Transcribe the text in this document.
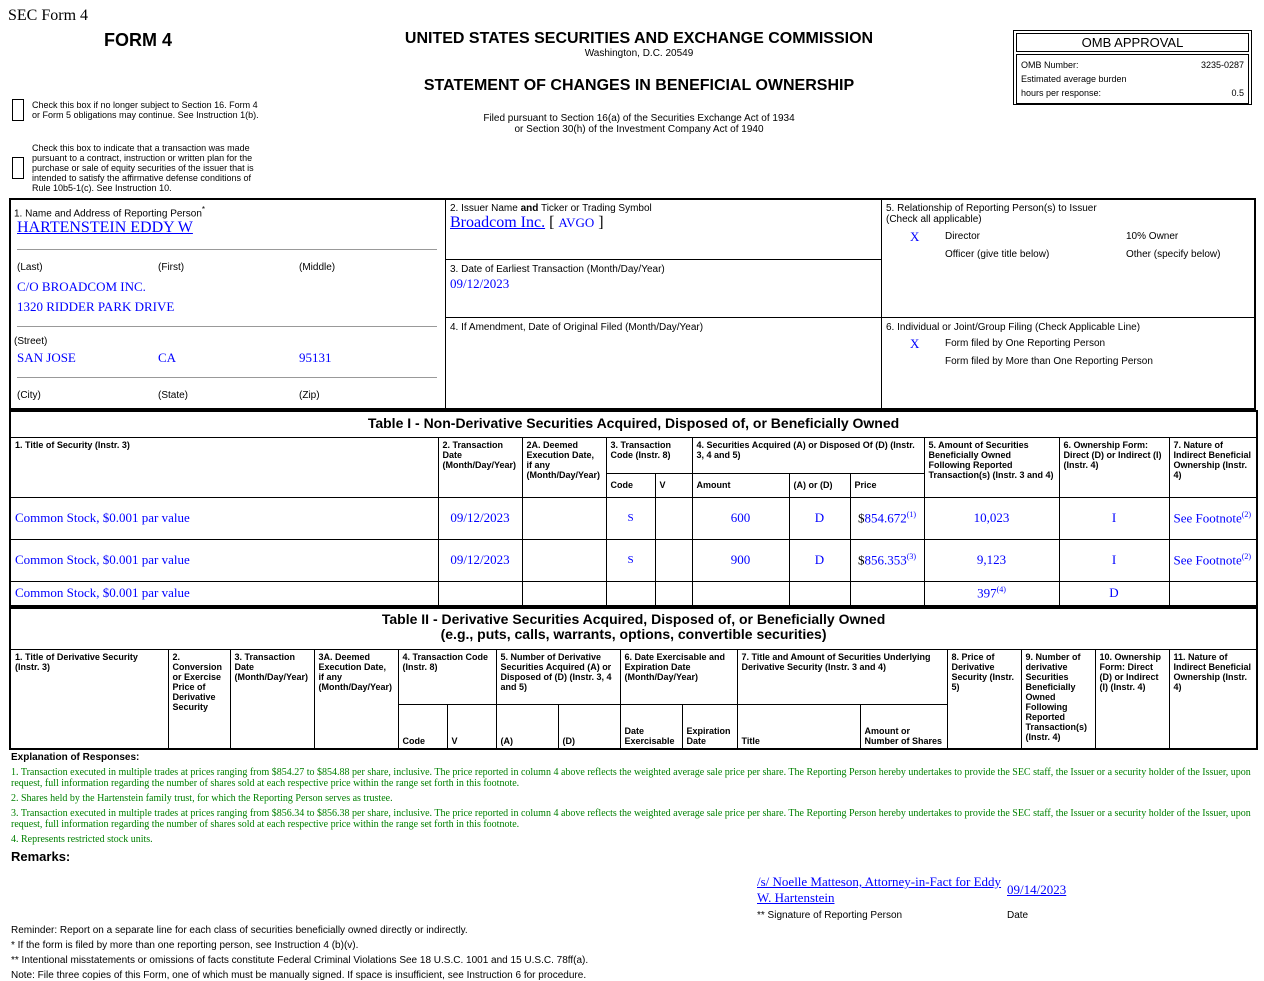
SEC Form 4
FORM 4	UNITED STATES SECURITIES AND EXCHANGE COMMISSION
Washington, D.C. 20549
STATEMENT OF CHANGES IN BENEFICIAL OWNERSHIP
Filed pursuant to Section 16(a) of the Securities Exchange Act of 1934
or Section 30(h) of the Investment Company Act of 1940
OMB APPROVAL
OMB Number:	3235-0287
Estimated average burden
hours per response:	0.5
Check this box if no longer subject to Section 16. Form 4 or Form 5 obligations may continue. See Instruction 1(b).
Check this box to indicate that a transaction was made pursuant to a contract, instruction or written plan for the purchase or sale of equity securities of the issuer that is intended to satisfy the affirmative defense conditions of Rule 10b5-1(c). See Instruction 10.
1. Name and Address of Reporting Person*
HARTENSTEIN EDDY W
(Last)	(First)	(Middle)
C/O BROADCOM INC.
1320 RIDDER PARK DRIVE
(Street)
SAN JOSE	CA	95131
(City)	(State)	(Zip)
2. Issuer Name and Ticker or Trading Symbol
Broadcom Inc. [ AVGO ]
3. Date of Earliest Transaction (Month/Day/Year)
09/12/2023
4. If Amendment, Date of Original Filed (Month/Day/Year)
5. Relationship of Reporting Person(s) to Issuer
(Check all applicable)
X	Director	10% Owner
Officer (give title below)	Other (specify below)
6. Individual or Joint/Group Filing (Check Applicable Line)
X	Form filed by One Reporting Person
Form filed by More than One Reporting Person
Table I - Non-Derivative Securities Acquired, Disposed of, or Beneficially Owned										
1. Title of Security (Instr. 3)	2. Transaction Date (Month/Day/Year)	2A. Deemed Execution Date, if any (Month/Day/Year)	3. Transaction Code (Instr. 8)		4. Securities Acquired (A) or Disposed Of (D) (Instr. 3, 4 and 5)			5. Amount of Securities Beneficially Owned Following Reported Transaction(s) (Instr. 3 and 4)	6. Ownership Form: Direct (D) or Indirect (I) (Instr. 4)	7. Nature of Indirect Beneficial Ownership (Instr. 4)
			Code	V	Amount	(A) or (D)	Price			
Common Stock, $0.001 par value	09/12/2023		S		600	D	$854.672$^{(1)}$	10,023	I	See Footnote$^{(2)}$
Common Stock, $0.001 par value	09/12/2023		S		900	D	$856.353$^{(3)}$	9,123	I	See Footnote$^{(2)}$
Common Stock, $0.001 par value								397$^{(4)}$	D	
Table II - Derivative Securities Acquired, Disposed of, or Beneficially Owned
(e.g., puts, calls, warrants, options, convertible securities)															

1. Title of Derivative Security (Instr. 3)	2. Conversion or Exercise Price of Derivative Security	3. Transaction Date (Month/Day/Year)	3A. Deemed Execution Date, if any (Month/Day/Year)	4. Transaction Code (Instr. 8)		5. Number of Derivative Securities Acquired (A) or Disposed of (D) (Instr. 3, 4 and 5)		6. Date Exercisable and Expiration Date (Month/Day/Year)		7. Title and Amount of Securities Underlying Derivative Security (Instr. 3 and 4)		8. Price of Derivative Security (Instr. 5)	9. Number of derivative Securities Beneficially Owned Following Reported Transaction(s) (Instr. 4)	10. Ownership Form: Direct (D) or Indirect (I) (Instr. 4)	11. Nature of Indirect Beneficial Ownership (Instr. 4)
				Code	V	(A)	(D)	Date Exercisable	Expiration Date	Title	Amount or Number of Shares				
Explanation of Responses:
1. Transaction executed in multiple trades at prices ranging from $854.27 to $854.88 per share, inclusive. The price reported in column 4 above reflects the weighted average sale price per share. The Reporting Person hereby undertakes to provide the SEC staff, the Issuer or a security holder of the Issuer, upon request, full information regarding the number of shares sold at each respective price within the range set forth in this footnote.
2. Shares held by the Hartenstein family trust, for which the Reporting Person serves as trustee.
3. Transaction executed in multiple trades at prices ranging from $856.34 to $856.38 per share, inclusive. The price reported in column 4 above reflects the weighted average sale price per share. The Reporting Person hereby undertakes to provide the SEC staff, the Issuer or a security holder of the Issuer, upon request, full information regarding the number of shares sold at each respective price within the range set forth in this footnote.
4. Represents restricted stock units.
Remarks:
/s/ Noelle Matteson, Attorney-in-Fact for Eddy W. Hartenstein
09/14/2023
** Signature of Reporting Person	Date
Reminder: Report on a separate line for each class of securities beneficially owned directly or indirectly.
* If the form is filed by more than one reporting person, see Instruction 4 (b)(v).
** Intentional misstatements or omissions of facts constitute Federal Criminal Violations See 18 U.S.C. 1001 and 15 U.S.C. 78ff(a).
Note: File three copies of this Form, one of which must be manually signed. If space is insufficient, see Instruction 6 for procedure.
